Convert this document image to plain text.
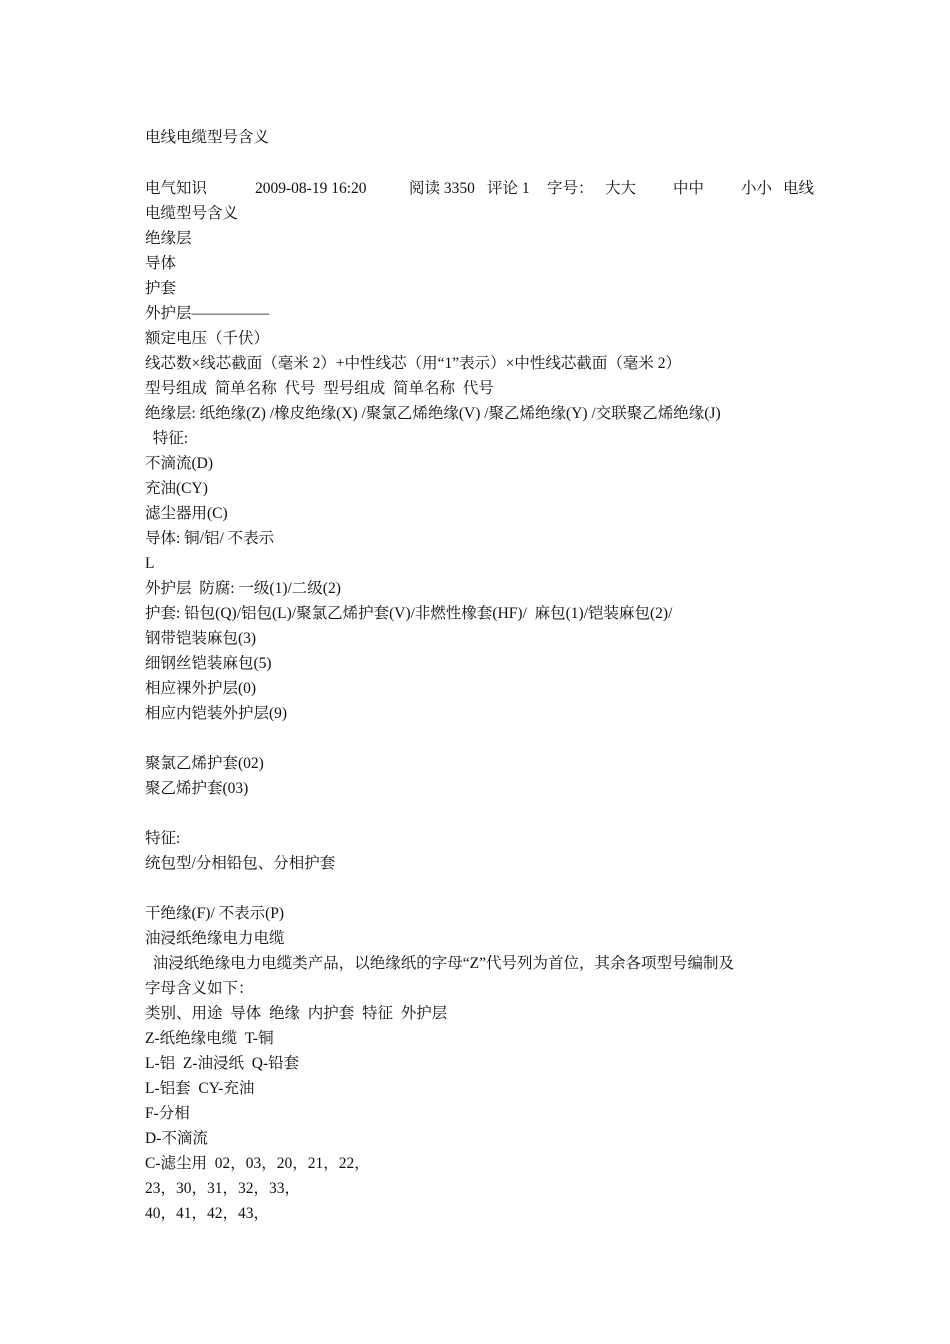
电线电缆型号含义
电气知识	2009-08-19 16:20	阅读 3350 评论 1	字号： 大大	中中	小小 电线
电缆型号含义
绝缘层
导体
护套
外护层—————
额定电压（千伏）
线芯数×线芯截面（毫米 2）+中性线芯（用“1”表示）×中性线芯截面（毫米 2）
型号组成  简单名称  代号  型号组成  简单名称  代号
绝缘层: 纸绝缘(Z) /橡皮绝缘(X) /聚氯乙烯绝缘(V) /聚乙烯绝缘(Y) /交联聚乙烯绝缘(J)
特征:
不滴流(D)
充油(CY)
滤尘器用(C)
导体: 铜/铝/ 不表示
L
外护层  防腐: 一级(1)/二级(2)
护套: 铅包(Q)/铝包(L)/聚氯乙烯护套(V)/非燃性橡套(HF)/  麻包(1)/铠装麻包(2)/
钢带铠装麻包(3)
细钢丝铠装麻包(5)
相应裸外护层(0)
相应内铠装外护层(9)
聚氯乙烯护套(02)
聚乙烯护套(03)
特征:
统包型/分相铅包、分相护套
干绝缘(F)/ 不表示(P)
油浸纸绝缘电力电缆
油浸纸绝缘电力电缆类产品，以绝缘纸的字母“Z”代号列为首位，其余各项型号编制及
字母含义如下：
类别、用途  导体  绝缘  内护套  特征  外护层
Z-纸绝缘电缆  T-铜
L-铝  Z-油浸纸  Q-铅套
L-铝套  CY-充油
F-分相
D-不滴流
C-滤尘用  02，03，20，21，22，
23，30，31，32，33，
40，41，42，43，
